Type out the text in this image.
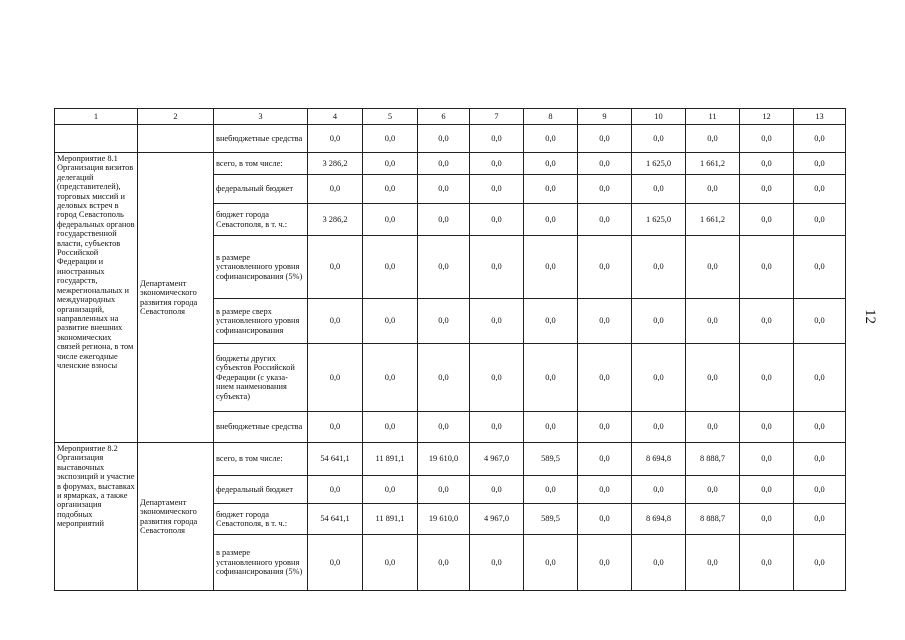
1	2	3	4	5	6	7	8	9	10	11	12	13
		внебюджетные средства	0,0	0,0	0,0	0,0	0,0	0,0	0,0	0,0	0,0	0,0
Мероприятие 8.1 Организация визитов делегаций (представителей), торговых миссий и деловых встреч в город Севастополь федеральных органов государственной власти, субъектов Российской Федерации и иностранных государств, межрегиональных и международных организаций, направленных на развитие внешних экономических связей региона, в том числе ежегодные членские взносы	Департамент экономического развития города Севастополя	всего, в том числе:	3 286,2	0,0	0,0	0,0	0,0	0,0	1 625,0	1 661,2	0,0	0,0
		федеральный бюджет	0,0	0,0	0,0	0,0	0,0	0,0	0,0	0,0	0,0	0,0
		бюджет города Севастополя, в т. ч.:	3 286,2	0,0	0,0	0,0	0,0	0,0	1 625,0	1 661,2	0,0	0,0
		в размере установленного уровня софинансирования (5%)	0,0	0,0	0,0	0,0	0,0	0,0	0,0	0,0	0,0	0,0
		в размере сверх установленного уровня софинансирования	0,0	0,0	0,0	0,0	0,0	0,0	0,0	0,0	0,0	0,0
		бюджеты других субъектов Российской Федерации (с указа-нием наименования субъекта)	0,0	0,0	0,0	0,0	0,0	0,0	0,0	0,0	0,0	0,0
		внебюджетные средства	0,0	0,0	0,0	0,0	0,0	0,0	0,0	0,0	0,0	0,0
Мероприятие 8.2 Организация выставочных экспозиций и участие в форумах, выставках и ярмарках, а также организация подобных мероприятий	Департамент экономического развития города Севастополя	всего, в том числе:	54 641,1	11 891,1	19 610,0	4 967,0	589,5	0,0	8 694,8	8 888,7	0,0	0,0
		федеральный бюджет	0,0	0,0	0,0	0,0	0,0	0,0	0,0	0,0	0,0	0,0
		бюджет города Севастополя, в т. ч.:	54 641,1	11 891,1	19 610,0	4 967,0	589,5	0,0	8 694,8	8 888,7	0,0	0,0
		в размере установленного уровня софинансирования (5%)	0,0	0,0	0,0	0,0	0,0	0,0	0,0	0,0	0,0	0,0
12
